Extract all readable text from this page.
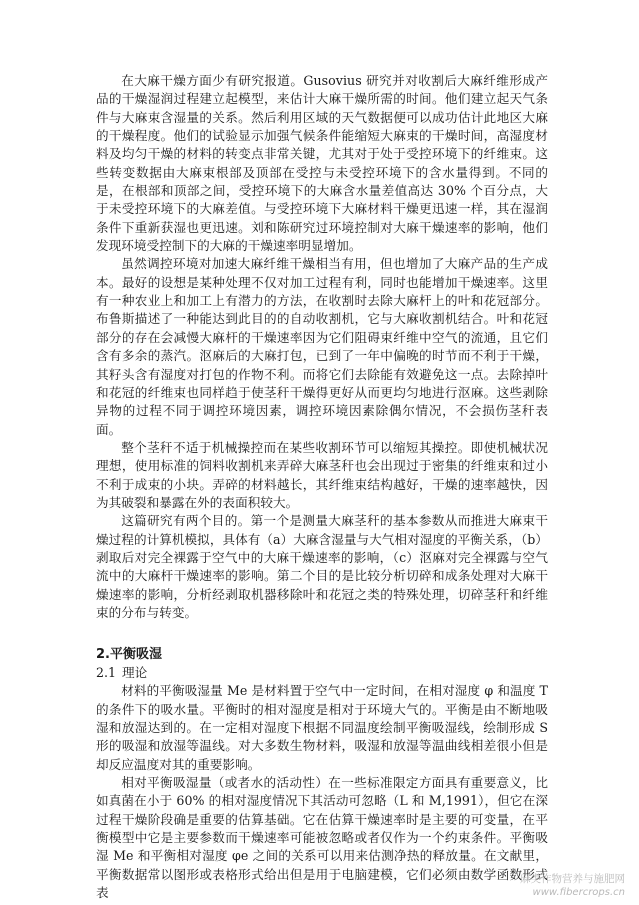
在大麻干燥方面少有研究报道。Gusovius 研究并对收割后大麻纤维形成产品的干燥湿润过程建立起模型，来估计大麻干燥所需的时间。他们建立起天气条件与大麻束含湿量的关系。然后利用区域的天气数据便可以成功估计此地区大麻的干燥程度。他们的试验显示加强气候条件能缩短大麻束的干燥时间，高湿度材料及均匀干燥的材料的转变点非常关键，尤其对于处于受控环境下的纤维束。这些转变数据由大麻束根部及顶部在受控与未受控环境下的含水量得到。不同的是，在根部和顶部之间，受控环境下的大麻含水量差值高达 30% 个百分点，大于未受控环境下的大麻差值。与受控环境下大麻材料干燥更迅速一样，其在湿润条件下重新获湿也更迅速。刘和陈研究过环境控制对大麻干燥速率的影响，他们发现环境受控制下的大麻的干燥速率明显增加。

虽然调控环境对加速大麻纤维干燥相当有用，但也增加了大麻产品的生产成本。最好的设想是某种处理不仅对加工过程有利，同时也能增加干燥速率。这里有一种农业上和加工上有潜力的方法，在收割时去除大麻杆上的叶和花冠部分。布鲁斯描述了一种能达到此目的的自动收割机，它与大麻收割机结合。叶和花冠部分的存在会减慢大麻杆的干燥速率因为它们阻碍束纤维中空气的流通，且它们含有多余的蒸汽。沤麻后的大麻打包，已到了一年中偏晚的时节而不利于干燥，其籽头含有湿度对打包的作物不利。而将它们去除能有效避免这一点。去除掉叶和花冠的纤维束也同样趋于使茎秆干燥得更好从而更均匀地进行沤麻。这些剥除异物的过程不同于调控环境因素，调控环境因素除偶尔情况，不会损伤茎秆表面。

整个茎秆不适于机械操控而在某些收割环节可以缩短其操控。即使机械状况理想，使用标准的饲料收割机来弄碎大麻茎秆也会出现过于密集的纤维束和过小不利于成束的小块。弄碎的材料越长，其纤维束结构越好，干燥的速率越快，因为其破裂和暴露在外的表面积较大。

这篇研究有两个目的。第一个是测量大麻茎秆的基本参数从而推进大麻束干燥过程的计算机模拟，具体有（a）大麻含湿量与大气相对湿度的平衡关系，（b）剥取后对完全裸露于空气中的大麻干燥速率的影响，（c）沤麻对完全裸露与空气流中的大麻杆干燥速率的影响。第二个目的是比较分析切碎和成条处理对大麻干燥速率的影响，分析经剥取机器移除叶和花冠之类的特殊处理，切碎茎秆和纤维束的分布与转变。

2.平衡吸湿
2.1 理论

材料的平衡吸湿量 Me 是材料置于空气中一定时间，在相对湿度 φ 和温度 T 的条件下的吸水量。平衡时的相对湿度是相对于环境大气的。平衡是由不断地吸湿和放湿达到的。在一定相对湿度下根据不同温度绘制平衡吸湿线，绘制形成 S 形的吸湿和放湿等温线。对大多数生物材料，吸湿和放湿等温曲线相差很小但是却反应温度对其的重要影响。

相对平衡吸湿量（或者水的活动性）在一些标准限定方面具有重要意义，比如真菌在小于 60% 的相对湿度情况下其活动可忽略（L 和 M,1991），但它在深过程干燥阶段确是重要的估算基础。它在估算干燥速率时是主要的可变量，在平衡模型中它是主要参数而干燥速率可能被忽略或者仅作为一个约束条件。平衡吸湿 Me 和平衡相对湿度 φe 之间的关系可以用来估测净热的释放量。在文献里，平衡数据常以图形或表格形式给出但是用于电脑建模，它们必须由数学函数形式表

麻类作物营养与施肥网
www.fibercrops.cn
